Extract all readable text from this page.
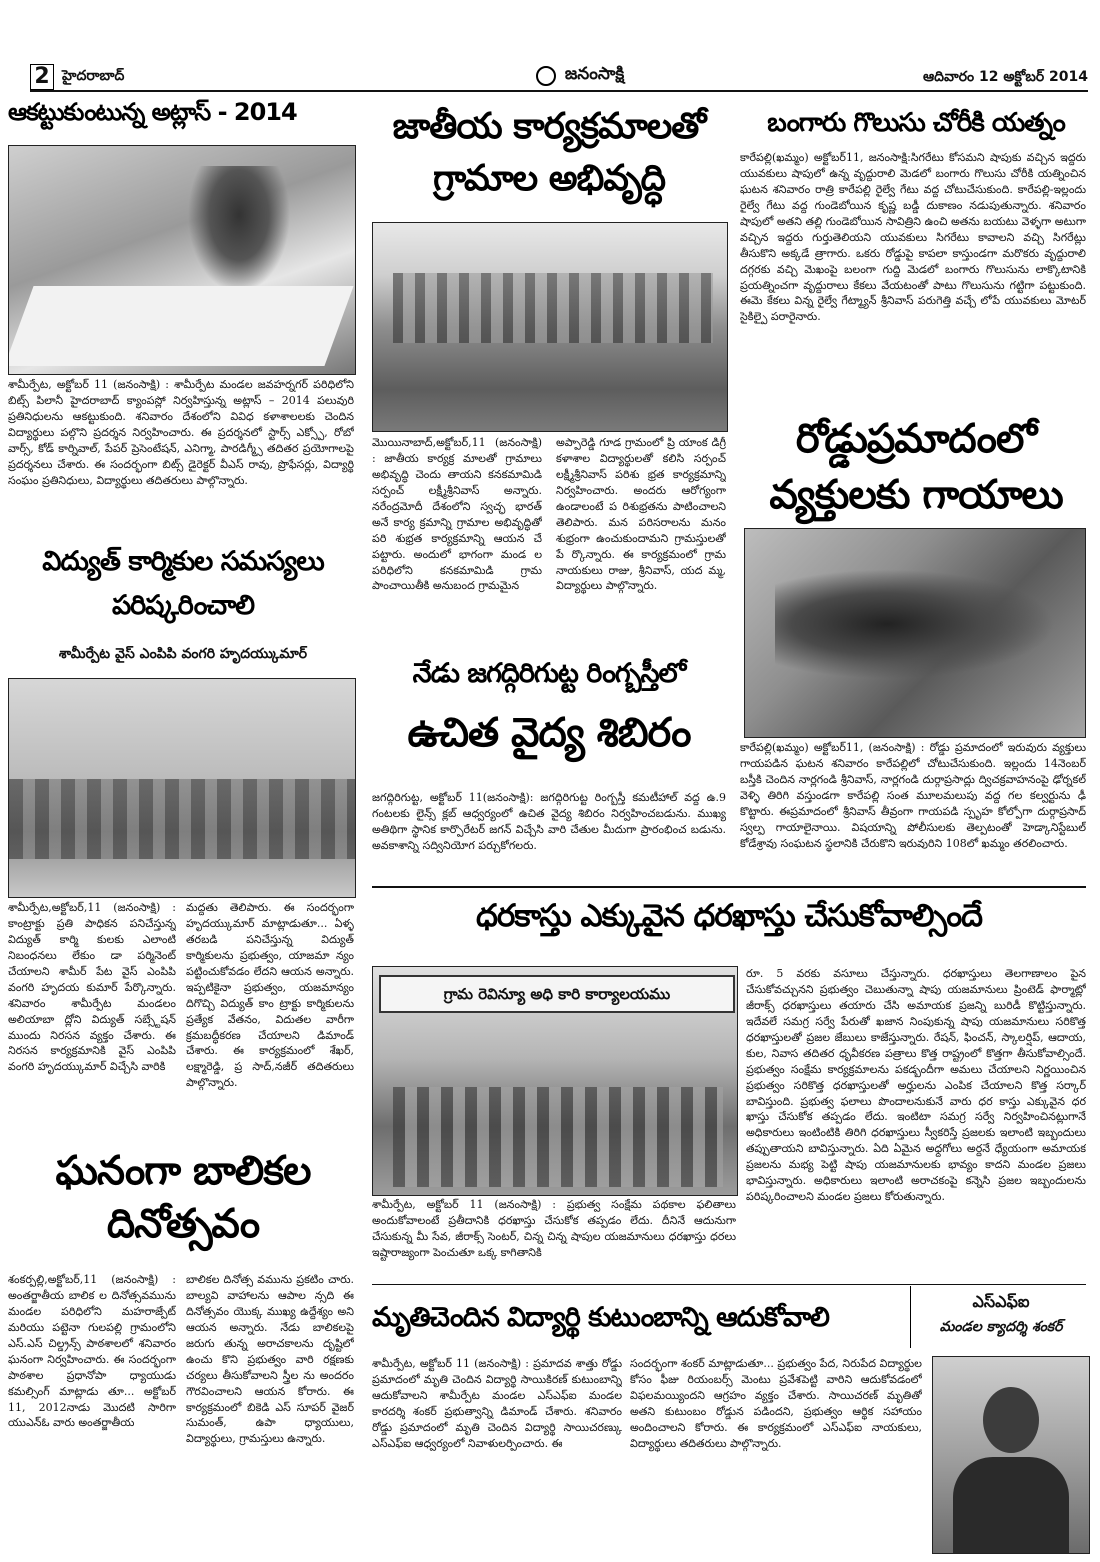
2 హైదరాబాద్	జనంసాక్షి	ఆదివారం 12 అక్టోబర్ 2014
ఆకట్టుకుంటున్న అట్లాస్ - 2014
శామీర్పేట, అక్టోబర్ 11 (జనంసాక్షి) : శామీర్పేట మండల జవహర్నగర్ పరిధిలోని బిట్స్ పిలానీ హైదరాబాద్ క్యాంపస్లో నిర్వహిస్తున్న అట్లాస్ – 2014 పలువురి ప్రతినిధులను ఆకట్టుకుంది. శనివారం దేశంలోని వివిధ కళాశాలలకు చెందిన విద్యార్థులు పల్గొని ప్రదర్శన నిర్వహించారు. ఈ ప్రదర్శనలో స్టార్స్ ఎక్స్పో, రోబో వార్స్, కోడ్ కార్నివాల్, పేపర్ ప్రెసెంటేషన్, ఎనిగ్మా, పారడిగ్మ్సీ తదితర ప్రయోగాలపై ప్రదర్శనలు చేశారు. ఈ సందర్భంగా బిట్స్ డైరెక్టర్ వీఎస్ రావు, ప్రొఫేసర్లు, విద్యార్థి సంఘం ప్రతినిధులు, విద్యార్థులు తదితరులు పాల్గొన్నారు.
విద్యుత్ కార్మికుల సమస్యలు
పరిష్కరించాలి
శామీర్పేట వైస్ ఎంపిపి వంగరి హృదయ్కుమార్
శామీర్పేట,అక్టోబర్,11 (జనంసాక్షి) : కాంట్రాక్టు ప్రతి పాధికన పనిచేస్తున్న విద్యుత్ కార్మి కులకు ఎలాంటి నిబంధనలు లేకుం డా పర్మినెంట్ చేయాలని శామీర్ పేట వైస్ ఎంపిపి వంగరి హృదయ కుమార్ పేర్కొన్నారు. శనివారం శామీర్పేట మండలం అలియాబా ద్లోని విద్యుత్ సబ్స్టేషన్ ముందు నిరసన వ్యక్తం చేశారు. ఈ నిరసన కార్యక్రమానికి వైస్ ఎంపిపి వంగరి హృదయ్కుమార్ విచ్చేసి వారికి
మద్దతు తెలిపారు. ఈ సందర్భంగా హృదయ్కుమార్ మాట్లాడుతూ... ఏళ్ళ తరబడి పనిచేస్తున్న విద్యుత్ కార్మికులను ప్రభుత్వం, యాజమా న్యం పట్టించుకోవడం లేదని ఆయన అన్నారు. ఇప్పటికైనా ప్రభుత్వం, యజమాన్యం దిగొచ్చి విద్యుత్ కాం ట్రాక్టు కార్మికులను ప్రత్యేక వేతనం, విదుతల వారీగా క్రమబద్ధీకరణ చేయాలని డిమాండ్ చేశారు. ఈ కార్యక్రమంలో శేఖర్, లక్ష్మారెడ్డి, ప్ర సాద్,నజీర్ తదితరులు పాల్గొన్నారు.
ఘనంగా బాలికల
దినోత్సవం
శంకర్పల్లి,అక్టోబర్,11 (జనంసాక్షి) : అంతర్జాతీయ బాలిక ల దినోత్సవమును మండల పరిధిలోని మహరాజ్పేట్ మరియు పట్టెనా గులపల్లి గ్రామంలోని ఎస్.ఎస్ చిల్డ్రన్స్ పాఠశాలలో శనివారం ఘనంగా నిర్వహించారు. ఈ సందర్భంగా పాఠశాల ప్రధానోపా ధ్యాయుడు కమల్సింగ్ మాట్లాడు తూ... అక్టోబర్ 11, 2012నాడు మొదటి సారిగా యుఎన్ఓ వారు అంతర్జాతీయ
బాలికల దినోత్స వమును ప్రకటిం చారు. బాల్యవి వాహాలను ఆపాల న్సది ఈ దినోత్సవం యొక్క ముఖ్య ఉద్దేశ్యం అని ఆయన అన్నారు. నేడు బాలికలపై జరుగు తున్న అరాచకాలను దృష్టిలో ఉంచు కొని ప్రభుత్వం వారి రక్షణకు చర్యలు తీసుకోవాలని స్త్రీల ను అందరం గౌరవించాలని ఆయన కోరారు. ఈ కార్యక్రమంలో బికెడి ఎస్ సూపర్ వైజర్ సుమంత్, ఉపా ధ్యాయులు, విద్యార్థులు, గ్రామస్తులు ఉన్నారు.
జాతీయ కార్యక్రమాలతో
గ్రామాల అభివృద్ధి
మొయినాబాద్,అక్టోబర్,11 (జనంసాక్షి) : జాతీయ కార్యక్ర మాలతో గ్రామాలు అభివృద్ధి చెందు తాయని కనకమామిడి సర్పంచ్ లక్ష్మీశ్రీనివాస్ అన్నారు. నరేంద్రమోదీ దేశంలోని స్వచ్ఛ భారత్ అనే కార్య క్రమాన్ని గ్రామాల అభివృద్ధితో పరి శుభ్రత కార్యక్రమాన్ని ఆయన చే పట్టారు. అందులో భాగంగా మండ ల పరిధిలోని కనకమామిడి గ్రామ పాంచాయితీకి అనుబంద గ్రామమైన
అప్పారెడ్డి గూడ గ్రామంలో ప్రి యాంక డిగ్రీ కళాశాల విద్యార్థులతో కలిసి సర్పంచ్ లక్ష్మీశ్రీనివాస్ పరిశు భ్రత కార్యక్రమాన్ని నిర్వహించారు. అందరు ఆరోగ్యంగా ఉండాలంటే ప రిశుభ్రతను పాటించాలని తెలిపారు. మన పరిసరాలను మనం శుభ్రంగా ఉంచుకుందామని గ్రామస్తులతో పే ర్కొన్నారు. ఈ కార్యక్రమంలో గ్రామ నాయకులు రాజు, శ్రీనివాస్, యద మ్మ, విద్యార్థులు పాల్గొన్నారు.
నేడు జగద్గిరిగుట్ట రింగ్బస్తీలో
ఉచిత వైద్య శిబిరం
జగద్గిరిగుట్ట, అక్టోబర్ 11(జనంసాక్షి): జగద్గిరిగుట్ట రింగ్బస్తీ కమటీహాల్ వద్ద ఉ.9 గంటలకు లైన్స్ క్లబ్ ఆధ్వర్యంలో ఉచిత వైద్య శిబిరం నిర్వహించబడును. ముఖ్య అతిథిగా స్థానిక కార్పొరేటర్ జగన్ విచ్చేసి వారి చేతుల మీదుగా ప్రారంభించ బడును. అవకాశాన్ని సద్వినియోగ పర్చుకోగలరు.
బంగారు గొలుసు చోరీకి యత్నం
కారేపల్లి(ఖమ్మం) అక్టోబర్11, జనంసాక్షి:సిగరేటు కోసమని షాపుకు వచ్చిన ఇద్దరు యువకులు షాపులో ఉన్న వృద్దురాలి మెడలో బంగారు గొలుసు చోరీకి యత్నించిన ఘటన శనివారం రాత్రి కారేపల్లి రైల్వే గేటు వద్ద చోటుచేసుకుంది. కారేపల్లి-ఇల్లందు రైల్వే గేటు వద్ద గుండెబోయిన కృష్ణ బడ్డీ దుకాణం నడుపుతున్నారు. శనివారం షాపులో అతని తల్లి గుండెబోయిన సావిత్రిని ఉంచి అతను బయటు వెళ్ళగా అటుగా వచ్చిన ఇద్దరు గుర్తుతెలియని యువకులు సిగరేటు కావాలని వచ్చి సిగరేట్లు తీసుకొని అక్కడే త్రాగారు. ఒకరు రోడ్డుపై కాపలా కాస్తుండగా మరొకరు వృద్దురాలి దగ్గరకు వచ్చి మెఖంపై బలంగా గుద్ది మెడలో బంగారు గొలుసును లాక్కొటానికి ప్రయత్నించగా వృద్దురాలు కేకలు వేయటంతో పాటు గొలుసును గట్టిగా పట్టుకుంది. ఈమె కేకలు విన్న రైల్వే గేట్మ్యాన్ శ్రీనివాస్ పరుగెత్తి వచ్చే లోపే యువకులు మోటర్ సైకిల్పై పరారైనారు.
రోడ్డుప్రమాదంలో
వ్యక్తులకు గాయాలు
కారేపల్లి(ఖమ్మం) అక్టోబర్11, (జనంసాక్షి) : రోడ్డు ప్రమాదంలో ఇరువురు వ్యక్తులు గాయపడిన ఘటన శనివారం కారేపల్లిలో చోటుచేసుకుంది. ఇల్లందు 14నెంబర్ బస్తీకి చెందిన నార్లగండి శ్రీనివాస్, నార్లగండి దుర్గాప్రసాద్లు ద్విచక్రవాహనంపై ఢోర్నకల్ వెళ్ళి తిరిగి వస్తుండగా కారేపల్లి సంత మూలమలుపు వద్ద గల కల్వర్టును ఢీ కొట్టారు. ఈప్రమాదంలో శ్రీనివాస్ తీవ్రంగా గాయపడి స్పృహ కోల్పోగా దుర్గాప్రసాద్ స్వల్ప గాయాలైనాయి. విషయాన్ని పోలీసులకు తెల్పటంతో హెడ్కానిస్టేబుల్ కోడేశ్రావు సంఘటన స్థలానికి చేరుకొని ఇరువురిని 108లో ఖమ్మం తరలించారు.
ధరకాస్తు ఎక్కువైన ధరఖాస్తు చేసుకోవాల్సిందే
గ్రామ రెవిన్యూ అధి కారి కార్యాలయము
శామీర్పేట, అక్టోబర్ 11 (జనంసాక్షి) : ప్రభుత్వ సంక్షేమ పథకాల ఫలితాలు అందుకోవాలంటే ప్రతీదానికి ధరఖాస్తు చేసుకోక తప్పడం లేదు. దీనినే ఆదునుగా చేసుకున్న మీ సేవ, జీరాక్స్ సెంటర్, చిన్న చిన్న షాపుల యజమానులు ధరఖాస్తు ధరలు ఇష్టారాజ్యంగా పెంచుతూ ఒక్క కాగితానికి
రూ. 5 వరకు వసూలు చేస్తున్నారు. ధరఖాస్తులు తెలగాణాలం పైన చేసుకోవచ్చునని ప్రభుత్వం చెబుతున్నా షాపు యజమానులు ప్రింటెడ్ ఫార్మాట్లో జీరాక్స్ ధరఖాస్తులు తయారు చేసి అమాయక ప్రజన్ని బురిడీ కొట్టిస్తున్నారు. ఇదేవలే సమగ్ర సర్వే పేరుతో ఖజాన నింపుకున్న షాపు యజమానులు సరికొత్త ధరఖాస్తులతో ప్రజల జేబులు కాజేస్తున్నారు. రేషన్, ఫించన్, స్కాలర్షిప్, ఆదాయ, కుల, నివాస తదితర ధృవీకరణ పత్రాలు కొత్త రాష్ట్రంలో కొత్తగా తీసుకోవాల్సిందే. ప్రభుత్వం సంక్షేమ కార్యక్రమాలను పకడ్బందీగా అమలు చేయాలని నిర్ణయించిన ప్రభుత్వం సరికొత్త ధరఖాస్తులతో అర్హులను ఎంపిక చేయాలని కొత్త సర్కార్ బావిస్తుంది. ప్రభుత్వ ఫలాలు పొందాలనుకునే వారు ధర కాస్తు ఎక్కువైన ధర ఖాస్తు చేసుకోక తప్పడం లేదు. ఇంటిటా సమగ్ర సర్వే నిర్వహించినట్లుగానే అధికారులు ఇంటింటికి తిరిగి ధరఖాస్తులు స్వీకరిస్తే ప్రజలకు ఇలాంటి ఇబ్బందులు తప్పుతాయని బావిస్తున్నారు. ఏది ఏమైన అధ్దగోలు అర్దనే ధ్యేయంగా అమాయక ప్రజలను మభ్య పెట్టి షాపు యజమానులకు భావ్యం కాదని మండల ప్రజలు భావిస్తున్నారు. అధికారులు ఇలాంటి అరాచకంపై కన్నెసి ప్రజల ఇబ్బందులను పరిష్కరించాలని మండల ప్రజలు కోరుతున్నారు.
మృతిచెందిన విద్యార్థి కుటుంబాన్ని ఆదుకోవాలి
ఎస్ఎఫ్ఐ
మండల క్యాదర్శి శంకర్
శామీర్పేట, అక్టోబర్ 11 (జనంసాక్షి) : ప్రమాదవ శాత్తు రోడ్డు ప్రమాదంలో మృతి చెందిన విద్యార్థి సాయికిరణ్ కుటుంబాన్ని ఆదుకోవాలని శామీర్పేట మండల ఎస్ఎఫ్ఐ మండల కారదర్శి శంకర్ ప్రభుత్వాన్ని డిమాండ్ చేశారు. శనివారం రోడ్డు ప్రమాదంలో మృతి చెందిన విద్యార్థి సాయిచరణ్కు ఎస్ఎఫ్ఐ ఆధ్వర్యంలో నివాళులర్పించారు. ఈ
సందర్భంగా శంకర్ మాట్లాడుతూ... ప్రభుత్వం పేద, నిరుపేద విద్యార్థుల కోసం ఫీజు రియంబర్స్ మెంటు ప్రవేశపెట్టి వారిని ఆదుకోవడంలో విఫలమయ్యిందని ఆగ్రహం వ్యక్తం చేశారు. సాయిచరణ్ మృతితో అతని కుటుంబం రోడ్డున పడిందని, ప్రభుత్వం ఆర్థిక సహాయం అందించాలని కోరారు. ఈ కార్యక్రమంలో ఎస్ఎఫ్ఐ నాయకులు, విద్యార్థులు తదితరులు పాల్గొన్నారు.
